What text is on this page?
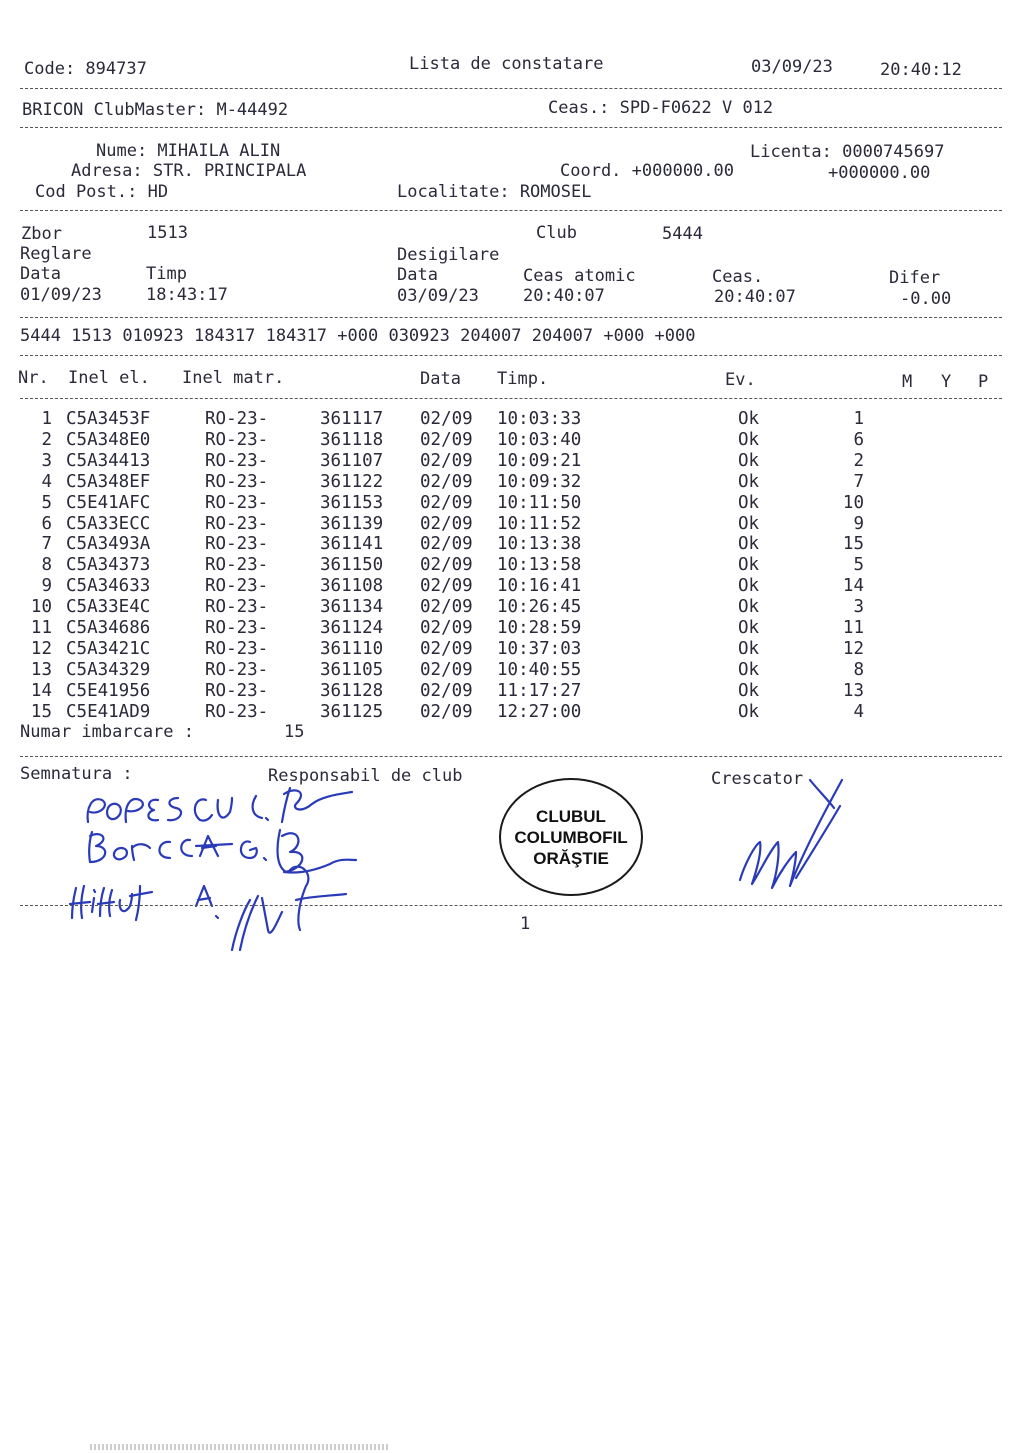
Code: 894737	Lista de constatare	03/09/23	20:40:12
BRICON ClubMaster: M-44492	Ceas.: SPD-F0622 V 012
Nume: MIHAILA ALIN	Licenta: 0000745697
Adresa: STR. PRINCIPALA	Coord. +000000.00	+000000.00
Cod Post.: HD	Localitate: ROMOSEL
Zbor	1513	Club	5444
Reglare	Desigilare
Data	Timp	Data	Ceas atomic	Ceas.	Difer
01/09/23	18:43:17	03/09/23	20:40:07	20:40:07	-0.00
5444 1513 010923 184317 184317 +000 030923 204007 204007 +000 +000
Nr. Inel el. Inel matr.	Data Timp.	Ev.	M Y P
1 C5A3453F	RO-23-	361117 02/09 10:03:33	Ok	1
2 C5A348E0	RO-23-	361118 02/09 10:03:40	Ok	6
3 C5A34413	RO-23-	361107 02/09 10:09:21	Ok	2
4 C5A348EF	RO-23-	361122 02/09 10:09:32	Ok	7
5 C5E41AFC	RO-23-	361153 02/09 10:11:50	Ok	10
6 C5A33ECC	RO-23-	361139 02/09 10:11:52	Ok	9
7 C5A3493A	RO-23-	361141 02/09 10:13:38	Ok	15
8 C5A34373	RO-23-	361150 02/09 10:13:58	Ok	5
9 C5A34633	RO-23-	361108 02/09 10:16:41	Ok	14
10 C5A33E4C	RO-23-	361134 02/09 10:26:45	Ok	3
11 C5A34686	RO-23-	361124 02/09 10:28:59	Ok	11
12 C5A3421C	RO-23-	361110 02/09 10:37:03	Ok	12
13 C5A34329	RO-23-	361105 02/09 10:40:55	Ok	8
14 C5E41956	RO-23-	361128 02/09 11:17:27	Ok	13
15 C5E41AD9	RO-23-	361125 02/09 12:27:00	Ok	4
Numar imbarcare :	15
Semnatura :	Responsabil de club	Crescator
CLUBUL
COLUMBOFIL
ORĂŞTIE
1
